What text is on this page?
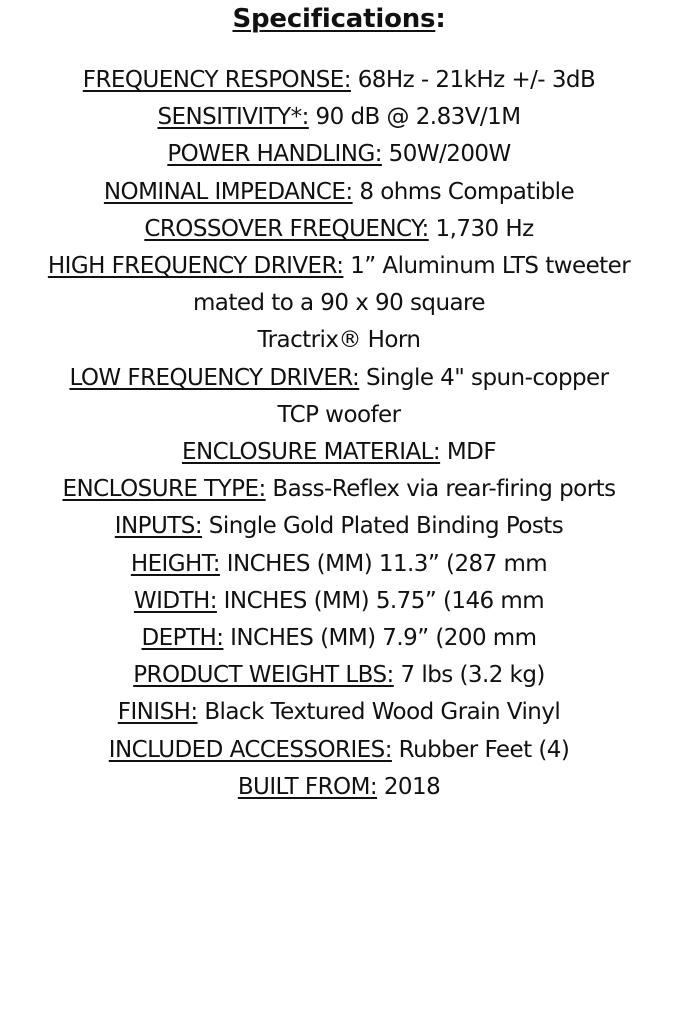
Specifications:
FREQUENCY RESPONSE: 68Hz - 21kHz +/- 3dB
SENSITIVITY*: 90 dB @ 2.83V/1M
POWER HANDLING: 50W/200W
NOMINAL IMPEDANCE: 8 ohms Compatible
CROSSOVER FREQUENCY: 1,730 Hz
HIGH FREQUENCY DRIVER: 1” Aluminum LTS tweeter
mated to a 90 x 90 square
Tractrix® Horn
LOW FREQUENCY DRIVER: Single 4" spun-copper
TCP woofer
ENCLOSURE MATERIAL: MDF
ENCLOSURE TYPE: Bass-Reflex via rear-firing ports
INPUTS: Single Gold Plated Binding Posts
HEIGHT: INCHES (MM) 11.3” (287 mm
WIDTH: INCHES (MM) 5.75” (146 mm
DEPTH: INCHES (MM) 7.9” (200 mm
PRODUCT WEIGHT LBS: 7 lbs (3.2 kg)
FINISH: Black Textured Wood Grain Vinyl
INCLUDED ACCESSORIES: Rubber Feet (4)
BUILT FROM: 2018
